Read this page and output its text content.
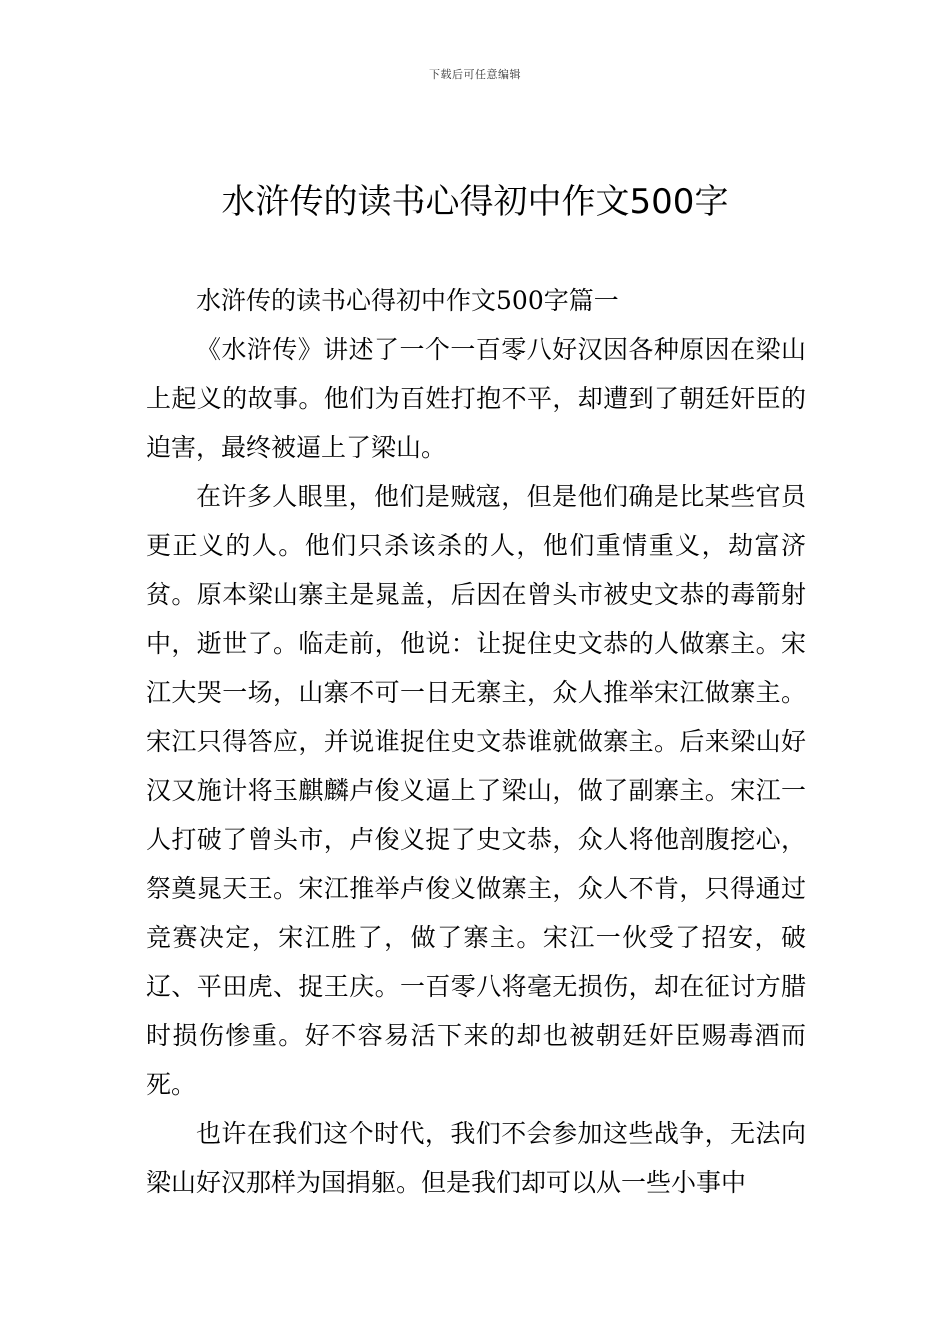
下载后可任意编辑
水浒传的读书心得初中作文500字
水浒传的读书心得初中作文500字篇一

《水浒传》讲述了一个一百零八好汉因各种原因在梁山上起义的故事。他们为百姓打抱不平，却遭到了朝廷奸臣的迫害，最终被逼上了梁山。

在许多人眼里，他们是贼寇，但是他们确是比某些官员更正义的人。他们只杀该杀的人，他们重情重义，劫富济贫。原本梁山寨主是晁盖，后因在曾头市被史文恭的毒箭射中，逝世了。临走前，他说：让捉住史文恭的人做寨主。宋江大哭一场，山寨不可一日无寨主，众人推举宋江做寨主。宋江只得答应，并说谁捉住史文恭谁就做寨主。后来梁山好汉又施计将玉麒麟卢俊义逼上了梁山，做了副寨主。宋江一人打破了曾头市，卢俊义捉了史文恭，众人将他剖腹挖心，祭奠晁天王。宋江推举卢俊义做寨主，众人不肯，只得通过竞赛决定，宋江胜了，做了寨主。宋江一伙受了招安，破辽、平田虎、捉王庆。一百零八将毫无损伤，却在征讨方腊时损伤惨重。好不容易活下来的却也被朝廷奸臣赐毒酒而死。

也许在我们这个时代，我们不会参加这些战争，无法向梁山好汉那样为国捐躯。但是我们却可以从一些小事中
